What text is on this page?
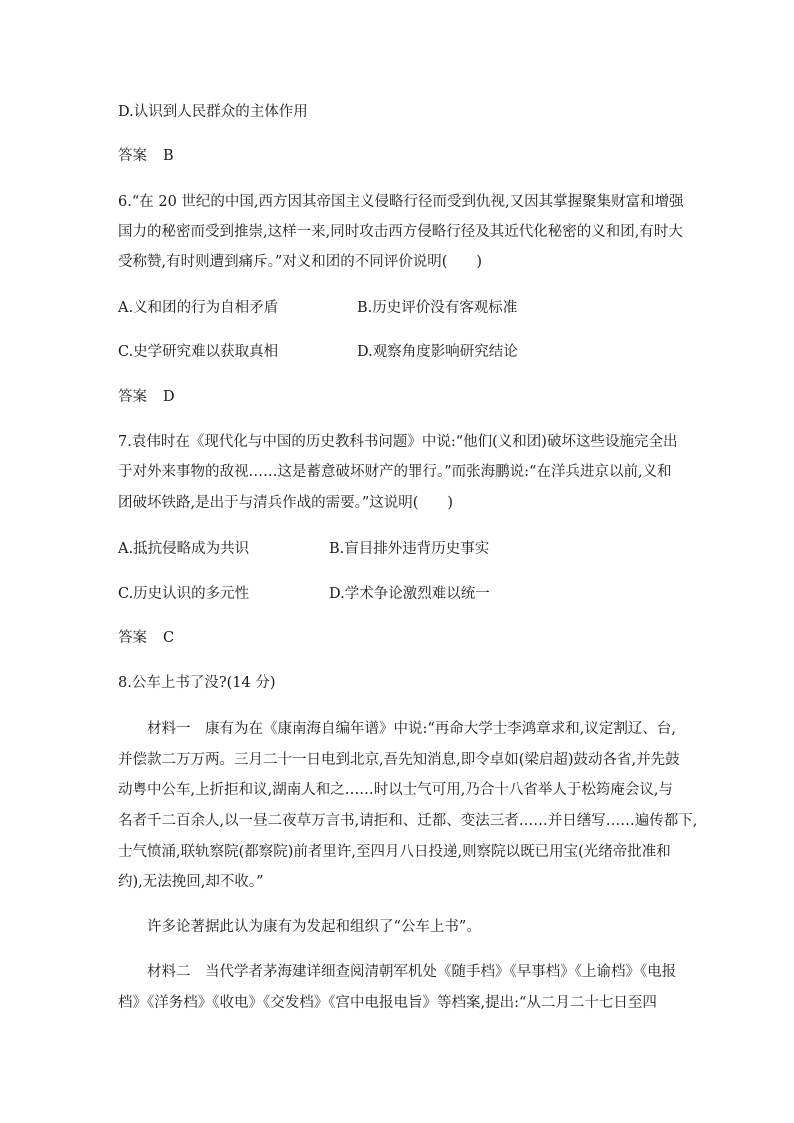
D.认识到人民群众的主体作用
答案 B
6.“在 20 世纪的中国,西方因其帝国主义侵略行径而受到仇视,又因其掌握聚集财富和增强
国力的秘密而受到推崇,这样一来,同时攻击西方侵略行径及其近代化秘密的义和团,有时大
受称赞,有时则遭到痛斥。”对义和团的不同评价说明(　　)
A.义和团的行为自相矛盾	B.历史评价没有客观标准
C.史学研究难以获取真相	D.观察角度影响研究结论
答案 D
7.袁伟时在《现代化与中国的历史教科书问题》中说:“他们(义和团)破坏这些设施完全出
于对外来事物的敌视……这是蓄意破坏财产的罪行。”而张海鹏说:“在洋兵进京以前,义和
团破坏铁路,是出于与清兵作战的需要。”这说明(　　)
A.抵抗侵略成为共识	B.盲目排外违背历史事实
C.历史认识的多元性	D.学术争论激烈难以统一
答案 C
8.公车上书了没?(14 分)
材料一　康有为在《康南海自编年谱》中说:“再命大学士李鸿章求和,议定割辽、台,
并偿款二万万两。三月二十一日电到北京,吾先知消息,即令卓如(梁启超)鼓动各省,并先鼓
动粤中公车,上折拒和议,湖南人和之……时以士气可用,乃合十八省举人于松筠庵会议,与
名者千二百余人,以一昼二夜草万言书,请拒和、迁都、变法三者……并日缮写……遍传都下,
士气愤涌,联轨察院(都察院)前者里许,至四月八日投递,则察院以既已用宝(光绪帝批准和
约),无法挽回,却不收。”
许多论著据此认为康有为发起和组织了“公车上书”。
材料二　当代学者茅海建详细查阅清朝军机处《随手档》《早事档》《上谕档》《电报
档》《洋务档》《收电》《交发档》《宫中电报电旨》等档案,提出:“从二月二十七日至四
